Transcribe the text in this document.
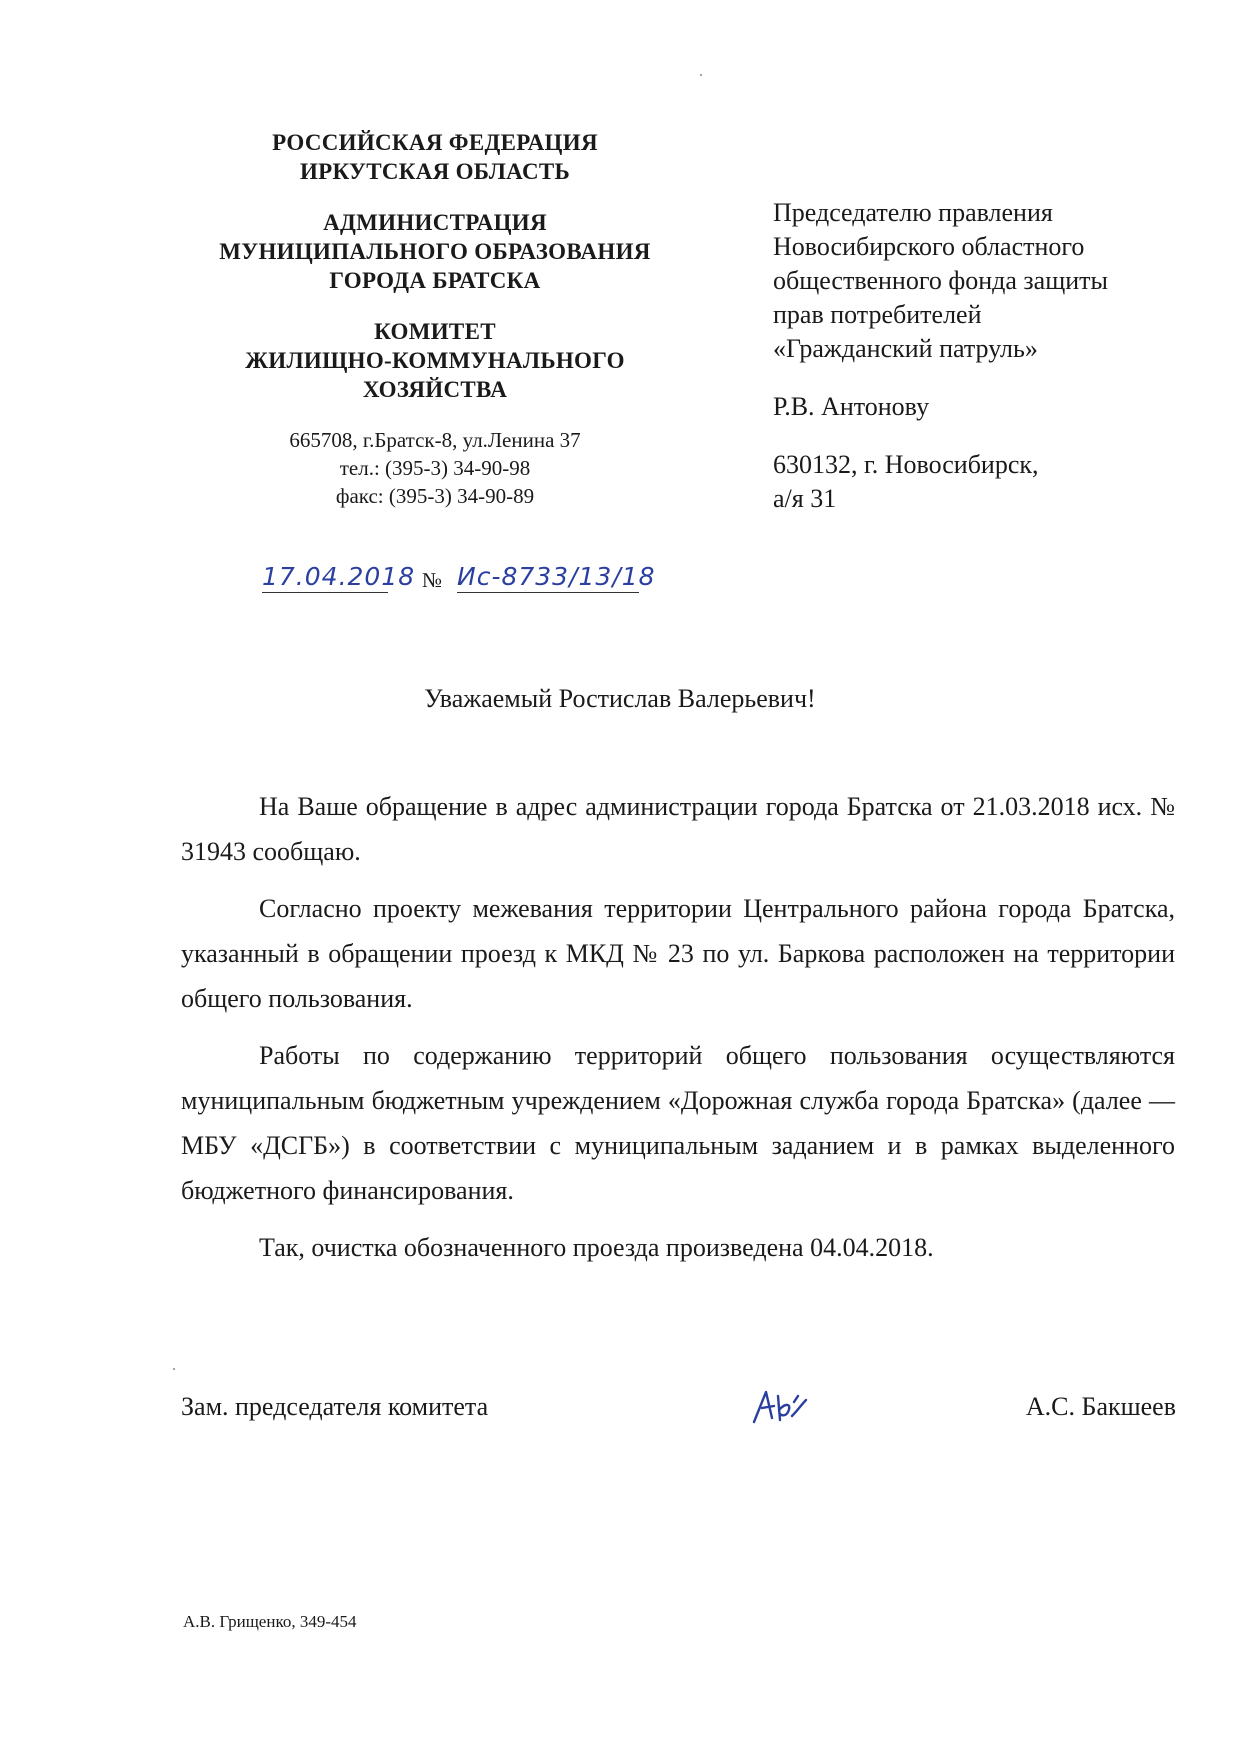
РОССИЙСКАЯ ФЕДЕРАЦИЯ
ИРКУТСКАЯ ОБЛАСТЬ
АДМИНИСТРАЦИЯ
МУНИЦИПАЛЬНОГО ОБРАЗОВАНИЯ
ГОРОДА БРАТСКА
КОМИТЕТ
ЖИЛИЩНО-КОММУНАЛЬНОГО
ХОЗЯЙСТВА
665708, г.Братск-8, ул.Ленина 37
тел.: (395-3) 34-90-98
факс: (395-3) 34-90-89
17.04.2018 № Ис-8733/13/18
Председателю правления
Новосибирского областного
общественного фонда защиты
прав потребителей
«Гражданский патруль»
Р.В. Антонову
630132, г. Новосибирск,
а/я 31
Уважаемый Ростислав Валерьевич!

На Ваше обращение в адрес администрации города Братска от 21.03.2018 исх. № 31943 сообщаю.

Согласно проекту межевания территории Центрального района города Братска, указанный в обращении проезд к МКД № 23 по ул. Баркова расположен на территории общего пользования.

Работы по содержанию территорий общего пользования осуществляются муниципальным бюджетным учреждением «Дорожная служба города Братска» (далее — МБУ «ДСГБ») в соответствии с муниципальным заданием и в рамках выделенного бюджетного финансирования.

Так, очистка обозначенного проезда произведена 04.04.2018.

Зам. председателя комитета	А.С. Бакшеев
А.В. Грищенко, 349-454
